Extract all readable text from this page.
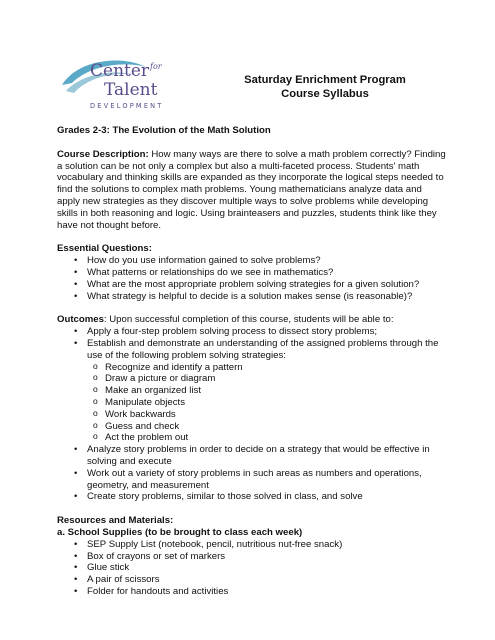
Center for
Talent
DEVELOPMENT
Saturday Enrichment Program
Course Syllabus

Grades 2-3: The Evolution of the Math Solution

Course Description: How many ways are there to solve a math problem correctly? Finding a solution can be not only a complex but also a multi-faceted process. Students' math vocabulary and thinking skills are expanded as they incorporate the logical steps needed to find the solutions to complex math problems. Young mathematicians analyze data and apply new strategies as they discover multiple ways to solve problems while developing skills in both reasoning and logic. Using brainteasers and puzzles, students think like they have not thought before.

Essential Questions:

• How do you use information gained to solve problems?
• What patterns or relationships do we see in mathematics?
• What are the most appropriate problem solving strategies for a given solution?
• What strategy is helpful to decide is a solution makes sense (is reasonable)?

Outcomes: Upon successful completion of this course, students will be able to:

• Apply a four-step problem solving process to dissect story problems;
• Establish and demonstrate an understanding of the assigned problems through the use of the following problem solving strategies:
o Recognize and identify a pattern
o Draw a picture or diagram
o Make an organized list
o Manipulate objects
o Work backwards
o Guess and check
o Act the problem out
• Analyze story problems in order to decide on a strategy that would be effective in solving and execute
• Work out a variety of story problems in such areas as numbers and operations, geometry, and measurement
• Create story problems, similar to those solved in class, and solve

Resources and Materials:

a. School Supplies (to be brought to class each week)

• SEP Supply List (notebook, pencil, nutritious nut-free snack)
• Box of crayons or set of markers
• Glue stick
• A pair of scissors
• Folder for handouts and activities
